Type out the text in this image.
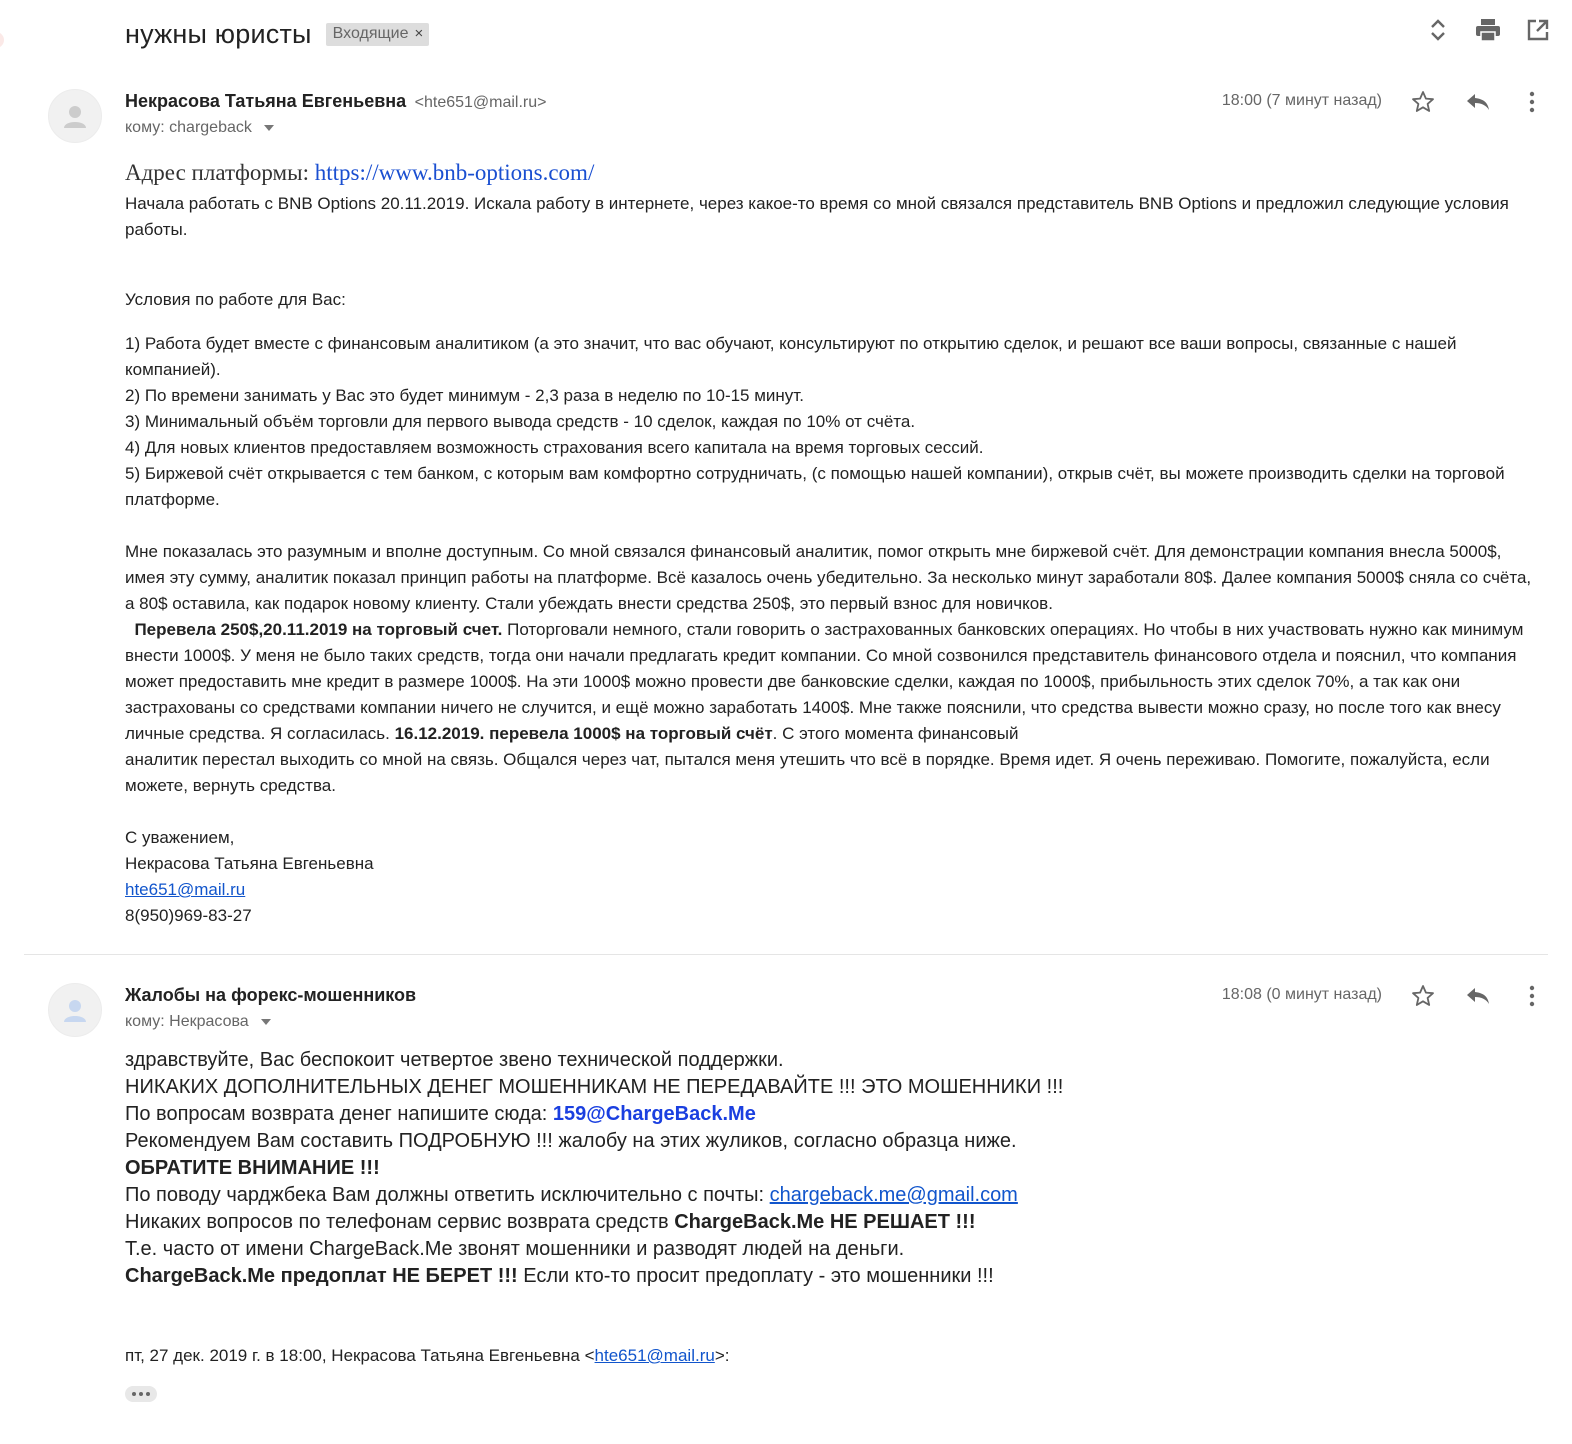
нужны юристы Входящие ×
Некрасова Татьяна Евгеньевна <hte651@mail.ru>
кому: chargeback
18:00 (7 минут назад)
Адрес платформы: https://www.bnb-options.com/

Начала работать с BNB Options 20.11.2019. Искала работу в интернете, через какое-то время со мной связался представитель BNB Options и предложил следующие условия работы.

Условия по работе для Вас:

1) Работа будет вместе с финансовым аналитиком (а это значит, что вас обучают, консультируют по открытию сделок, и решают все ваши вопросы, связанные с нашей компанией).

2) По времени занимать у Вас это будет минимум - 2,3 раза в неделю по 10-15 минут.

3) Минимальный объём торговли для первого вывода средств - 10 сделок, каждая по 10% от счёта.

4) Для новых клиентов предоставляем возможность страхования всего капитала на время торговых сессий.

5) Биржевой счёт открывается с тем банком, с которым вам комфортно сотрудничать, (с помощью нашей компании), открыв счёт, вы можете производить сделки на торговой платформе.

Мне показалась это разумным и вполне доступным. Со мной связался финансовый аналитик, помог открыть мне биржевой счёт. Для демонстрации компания внесла 5000$, имея эту сумму, аналитик показал принцип работы на платформе. Всё казалось очень убедительно. За несколько минут заработали 80$. Далее компания 5000$ сняла со счёта, а 80$ оставила, как подарок новому клиенту. Стали убеждать внести средства 250$, это первый взнос для новичков.

Перевела 250$,20.11.2019 на торговый счет. Поторговали немного, стали говорить о застрахованных банковских операциях. Но чтобы в них участвовать нужно как минимум внести 1000$. У меня не было таких средств, тогда они начали предлагать кредит компании. Со мной созвонился представитель финансового отдела и пояснил, что компания может предоставить мне кредит в размере 1000$. На эти 1000$ можно провести две банковские сделки, каждая по 1000$, прибыльность этих сделок 70%, а так как они застрахованы со средствами компании ничего не случится, и ещё можно заработать 1400$. Мне также пояснили, что средства вывести можно сразу, но после того как внесу личные средства. Я согласилась. 16.12.2019. перевела 1000$ на торговый счёт. С этого момента финансовый

аналитик перестал выходить со мной на связь. Общался через чат, пытался меня утешить что всё в порядке. Время идет. Я очень переживаю. Помогите, пожалуйста, если можете, вернуть средства.

С уважением,

Некрасова Татьяна Евгеньевна

hte651@mail.ru

8(950)969-83-27

Жалобы на форекс-мошенников
кому: Некрасова
18:08 (0 минут назад)

здравствуйте, Вас беспокоит четвертое звено технической поддержки.

НИКАКИХ ДОПОЛНИТЕЛЬНЫХ ДЕНЕГ МОШЕННИКАМ НЕ ПЕРЕДАВАЙТЕ !!! ЭТО МОШЕННИКИ !!!

По вопросам возврата денег напишите сюда: 159@ChargeBack.Me

Рекомендуем Вам составить ПОДРОБНУЮ !!! жалобу на этих жуликов, согласно образца ниже.

ОБРАТИТЕ ВНИМАНИЕ !!!

По поводу чарджбека Вам должны ответить исключительно с почты: chargeback.me@gmail.com

Никаких вопросов по телефонам сервис возврата средств ChargeBack.Me НЕ РЕШАЕТ !!!

Т.е. часто от имени ChargeBack.Me звонят мошенники и разводят людей на деньги.

ChargeBack.Me предоплат НЕ БЕРЕТ !!! Если кто-то просит предоплату - это мошенники !!!

пт, 27 дек. 2019 г. в 18:00, Некрасова Татьяна Евгеньевна <hte651@mail.ru>:
